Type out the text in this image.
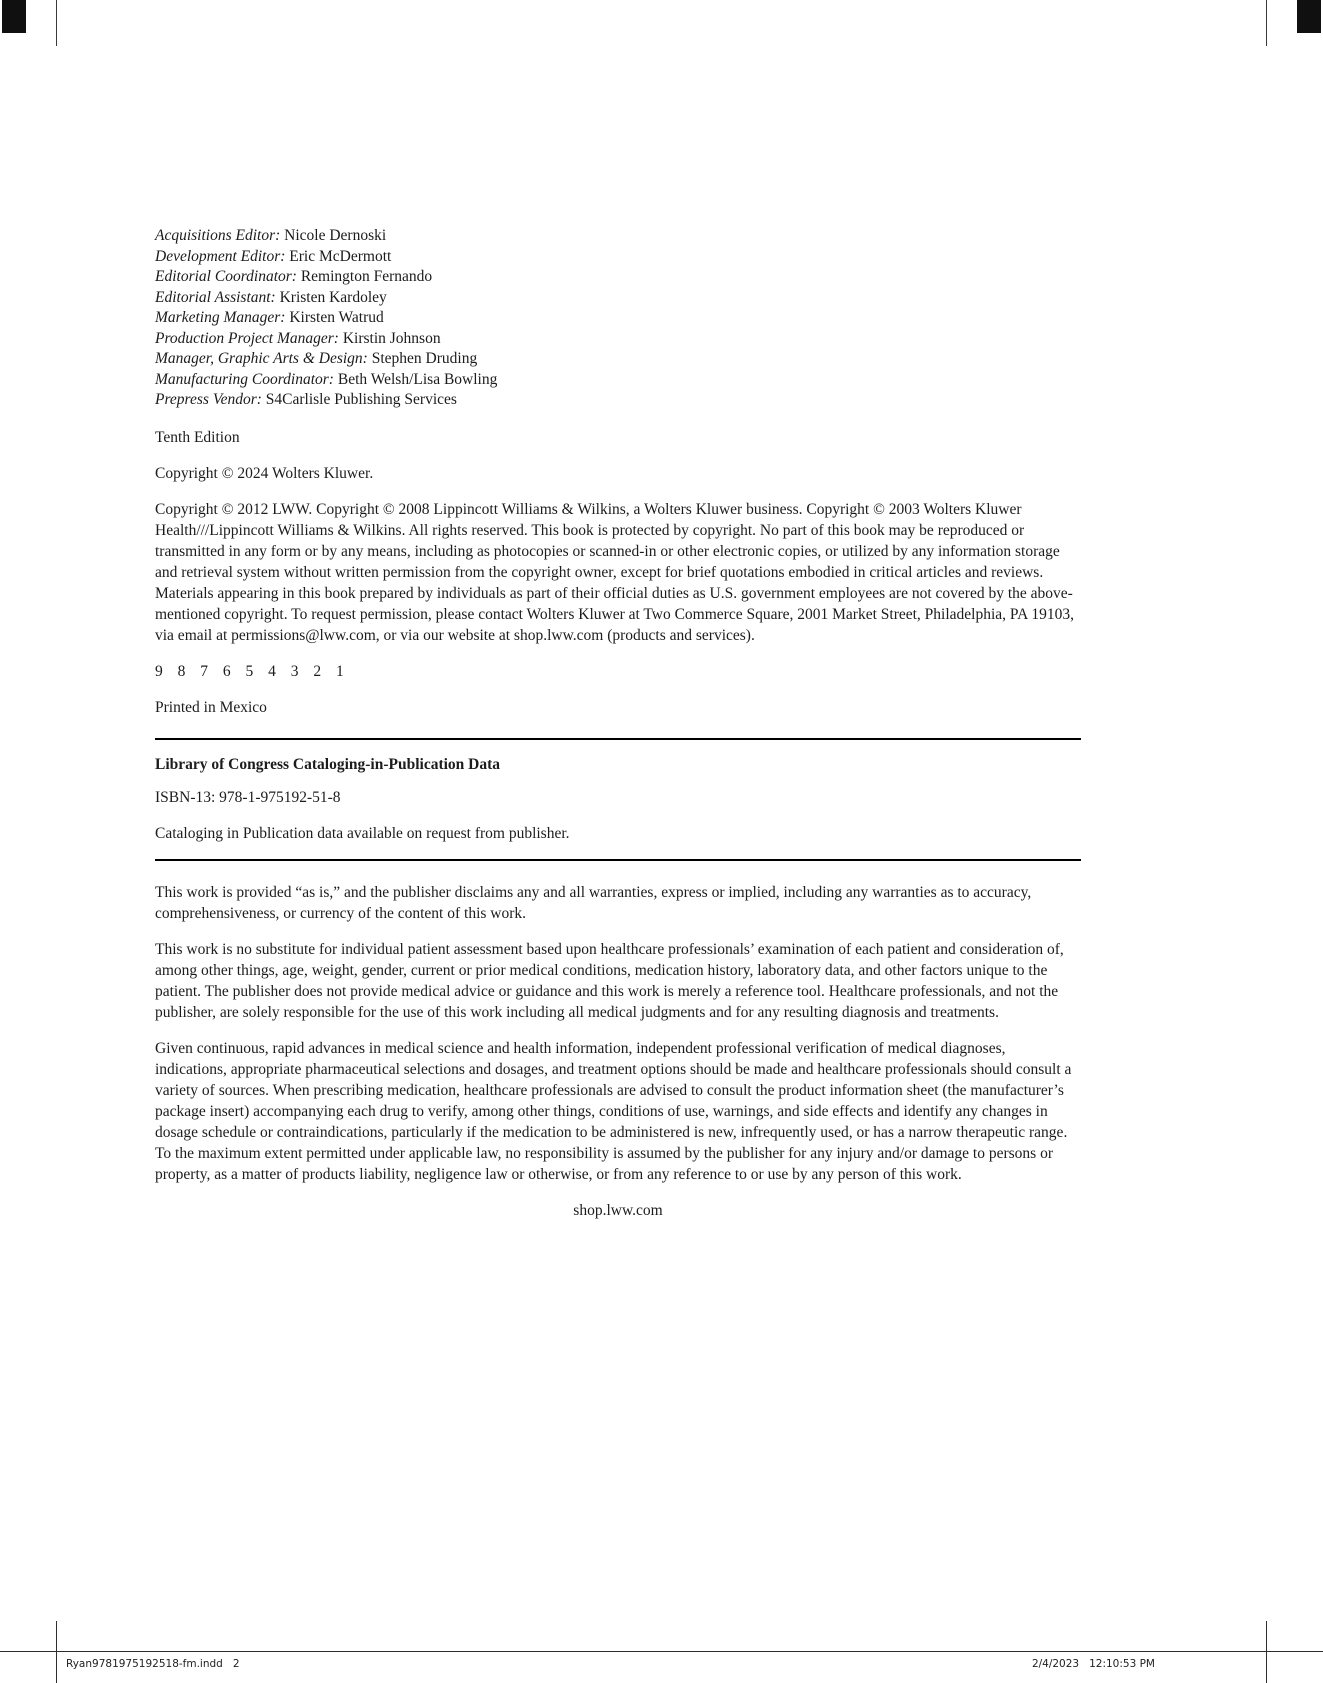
Acquisitions Editor: Nicole Dernoski

Development Editor: Eric McDermott

Editorial Coordinator: Remington Fernando

Editorial Assistant: Kristen Kardoley

Marketing Manager: Kirsten Watrud

Production Project Manager: Kirstin Johnson

Manager, Graphic Arts & Design: Stephen Druding

Manufacturing Coordinator: Beth Welsh/Lisa Bowling

Prepress Vendor: S4Carlisle Publishing Services

Tenth Edition

Copyright © 2024 Wolters Kluwer.

Copyright © 2012 LWW. Copyright © 2008 Lippincott Williams & Wilkins, a Wolters Kluwer business. Copyright © 2003 Wolters Kluwer Health///Lippincott Williams & Wilkins. All rights reserved. This book is protected by copyright. No part of this book may be reproduced or transmitted in any form or by any means, including as photocopies or scanned-in or other electronic copies, or utilized by any information storage and retrieval system without written permission from the copyright owner, except for brief quotations embodied in critical articles and reviews. Materials appearing in this book prepared by individuals as part of their official duties as U.S. government employees are not covered by the above-mentioned copyright. To request permission, please contact Wolters Kluwer at Two Commerce Square, 2001 Market Street, Philadelphia, PA 19103, via email at permissions@lww.com, or via our website at shop.lww.com (products and services).

9 8 7 6 5 4 3 2 1

Printed in Mexico

Library of Congress Cataloging-in-Publication Data

ISBN-13: 978-1-975192-51-8

Cataloging in Publication data available on request from publisher.

This work is provided “as is,” and the publisher disclaims any and all warranties, express or implied, including any warranties as to accuracy, comprehensiveness, or currency of the content of this work.

This work is no substitute for individual patient assessment based upon healthcare professionals’ examination of each patient and consideration of, among other things, age, weight, gender, current or prior medical conditions, medication history, laboratory data, and other factors unique to the patient. The publisher does not provide medical advice or guidance and this work is merely a reference tool. Healthcare professionals, and not the publisher, are solely responsible for the use of this work including all medical judgments and for any resulting diagnosis and treatments.

Given continuous, rapid advances in medical science and health information, independent professional verification of medical diagnoses, indications, appropriate pharmaceutical selections and dosages, and treatment options should be made and healthcare professionals should consult a variety of sources. When prescribing medication, healthcare professionals are advised to consult the product information sheet (the manufacturer’s package insert) accompanying each drug to verify, among other things, conditions of use, warnings, and side effects and identify any changes in dosage schedule or contraindications, particularly if the medication to be administered is new, infrequently used, or has a narrow therapeutic range. To the maximum extent permitted under applicable law, no responsibility is assumed by the publisher for any injury and/or damage to persons or property, as a matter of products liability, negligence law or otherwise, or from any reference to or use by any person of this work.

shop.lww.com

Ryan9781975192518-fm.indd   2	2/4/2023   12:10:53 PM
